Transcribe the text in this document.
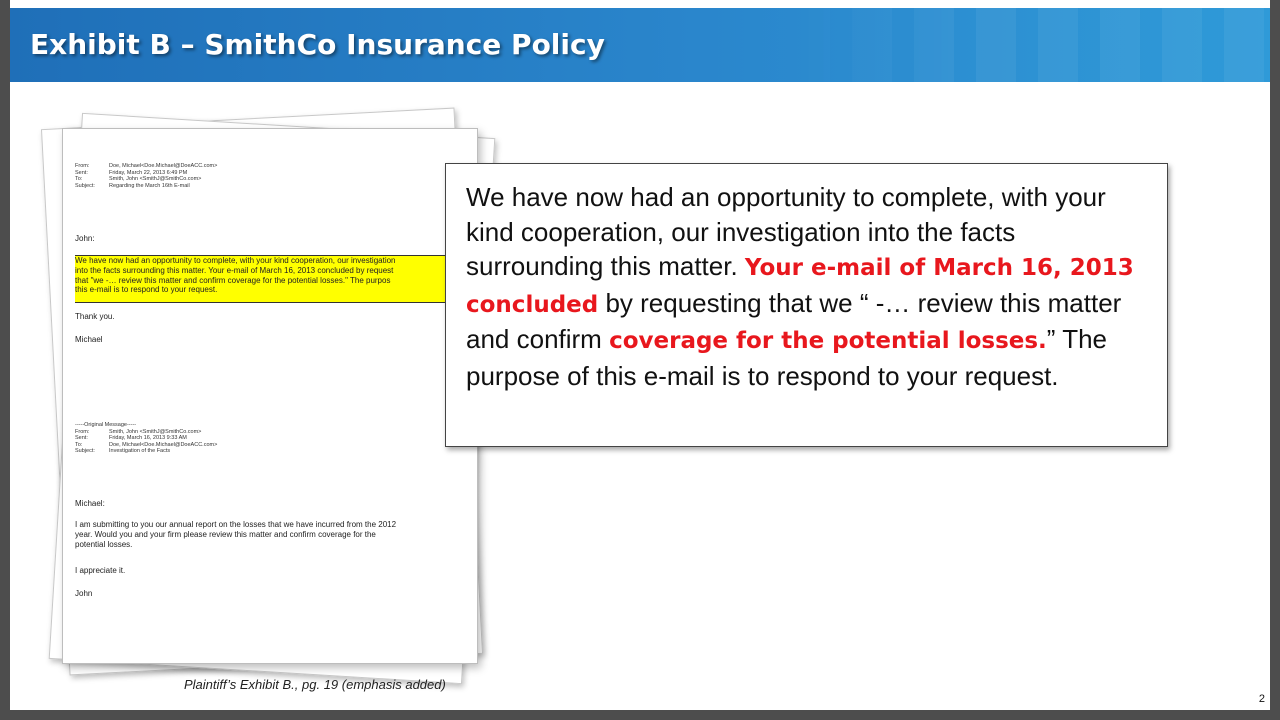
Exhibit B – SmithCo Insurance Policy
From:	Doe, Michael<Doe.Michael@DoeACC.com>
Sent:	Friday, March 22, 2013 6:49 PM
To:	Smith, John <SmithJ@SmithCo.com>
Subject:	Regarding the March 16th E-mail
John:
We have now had an opportunity to complete, with your kind cooperation, our investigation
into the facts surrounding this matter. Your e-mail of March 16, 2013 concluded by request
that "we -… review this matter and confirm coverage for the potential losses." The purpos
this e-mail is to respond to your request.
Thank you.
Michael
-----Original Message-----
From:	Smith, John <SmithJ@SmithCo.com>
Sent:	Friday, March 16, 2013 9:33 AM
To:	Doe, Michael<Doe.Michael@DoeACC.com>
Subject:	Investigation of the Facts
Michael:
I am submitting to you our annual report on the losses that we have incurred from the 2012
year. Would you and your firm please review this matter and confirm coverage for the
potential losses.
I appreciate it.
John
We have now had an opportunity to complete, with your kind cooperation, our investigation into the facts surrounding this matter. Your e-mail of March 16, 2013 concluded by requesting that we “ -… review this matter and confirm coverage for the potential losses.” The purpose of this e-mail is to respond to your request.
Plaintiff’s Exhibit B., pg. 19 (emphasis added)
2
